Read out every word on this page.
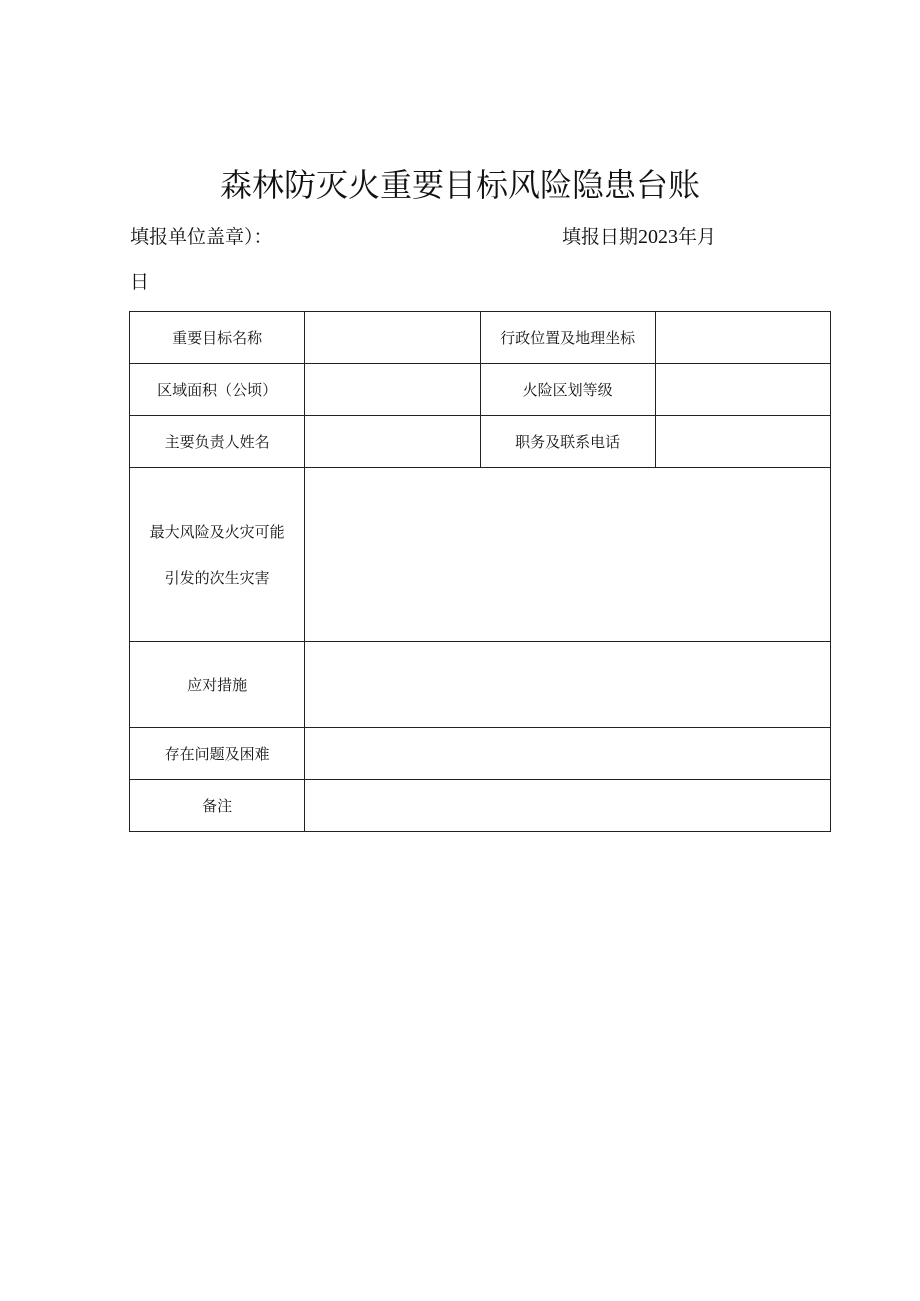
森林防灭火重要目标风险隐患台账
填报单位盖章）：	填报日期2023年月
日
重要目标名称		行政位置及地理坐标	
区域面积（公顷）		火险区划等级	
主要负责人姓名		职务及联系电话	

最大风险及火灾可能
引发的次生灾害			

应对措施			
存在问题及困难			
备注			
